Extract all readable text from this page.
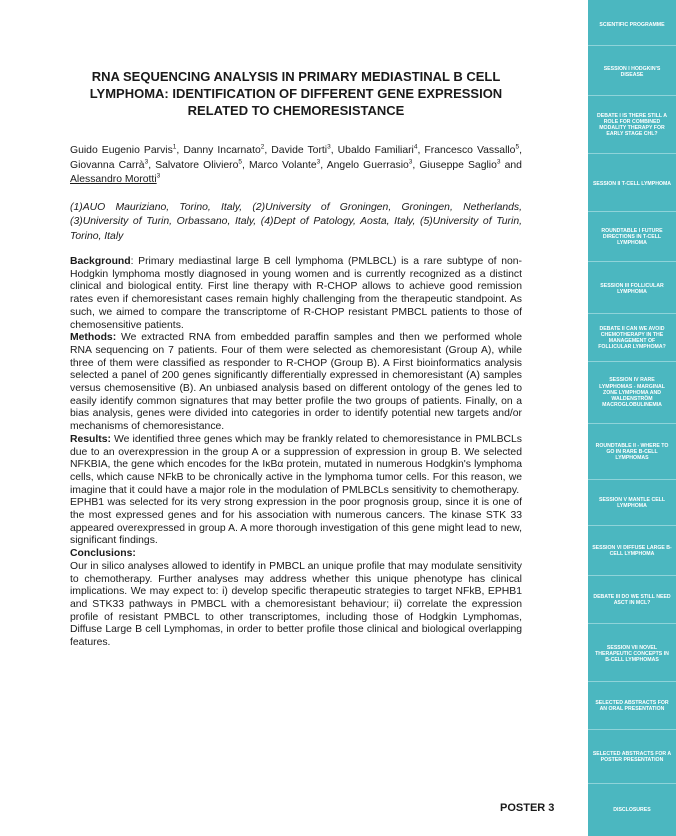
RNA SEQUENCING ANALYSIS IN PRIMARY MEDIASTINAL B CELL LYMPHOMA: IDENTIFICATION OF DIFFERENT GENE EXPRESSION RELATED TO CHEMORESISTANCE

Guido Eugenio Parvis$^1$, Danny Incarnato$^2$, Davide Torti$^3$, Ubaldo Familiari$^4$, Francesco Vassallo$^5$, Giovanna Carrà$^3$, Salvatore Oliviero$^5$, Marco Volante$^3$, Angelo Guerrasio$^3$, Giuseppe Saglio$^3$ and Alessandro Morotti$^3$

(1)AUO Mauriziano, Torino, Italy, (2)University of Groningen, Groningen, Netherlands, (3)University of Turin, Orbassano, Italy, (4)Dept of Patology, Aosta, Italy, (5)University of Turin, Torino, Italy

Background: Primary mediastinal large B cell lymphoma (PMLBCL) is a rare subtype of non-Hodgkin lymphoma mostly diagnosed in young women and is currently recognized as a distinct clinical and biological entity. First line therapy with R-CHOP allows to achieve good remission rates even if chemoresistant cases remain highly challenging from the therapeutic standpoint. As such, we aimed to compare the transcriptome of R-CHOP resistant PMBCL patients to those of chemosensitive patients.

Methods: We extracted RNA from embedded paraffin samples and then we performed whole RNA sequencing on 7 patients. Four of them were selected as chemoresistant (Group A), while three of them were classified as responder to R-CHOP (Group B). A First bioinformatics analysis selected a panel of 200 genes significantly differentially expressed in chemoresistant (A) samples versus chemosensitive (B). An unbiased analysis based on different ontology of the genes led to easily identify common signatures that may better profile the two groups of patients. Finally, on a bias analysis, genes were divided into categories in order to identify potential new targets and/or mechanisms of chemoresistance.

Results: We identified three genes which may be frankly related to chemoresistance in PMLBCLs due to an overexpression in the group A or a suppression of expression in group B. We selected NFKBIA, the gene which encodes for the IκBα protein, mutated in numerous Hodgkin's lymphoma cells, which cause NFkB to be chronically active in the lymphoma tumor cells. For this reason, we imagine that it could have a major role in the modulation of PMLBCLs sensitivity to chemotherapy.

EPHB1 was selected for its very strong expression in the poor prognosis group, since it is one of the most expressed genes and for his association with numerous cancers. The kinase STK 33 appeared overexpressed in group A. A more thorough investigation of this gene might lead to new, significant findings.

Conclusions:

Our in silico analyses allowed to identify in PMBCL an unique profile that may modulate sensitivity to chemotherapy. Further analyses may address whether this unique phenotype has clinical implications. We may expect to: i) develop specific therapeutic strategies to target NFkB, EPHB1 and STK33 pathways in PMBCL with a chemoresistant behaviour; ii) correlate the expression profile of resistant PMBCL to other transcriptomes, including those of Hodgkin Lymphomas, Diffuse Large B cell Lymphomas, in order to better profile those clinical and biological overlapping features.

POSTER 3
SCIENTIFIC PROGRAMME
SESSION I HODGKIN'S DISEASE
DEBATE I IS THERE STILL A ROLE FOR COMBINED MODALITY THERAPY FOR EARLY STAGE CHL?
SESSION II T-CELL LYMPHOMA
ROUNDTABLE I FUTURE DIRECTIONS IN T-CELL LYMPHOMA
SESSION III FOLLICULAR LYMPHOMA
DEBATE II CAN WE AVOID CHEMOTHERAPY IN THE MANAGEMENT OF FOLLICULAR LYMPHOMA?
SESSION IV RARE LYMPHOMAS - MARGINAL ZONE LYMPHOMA AND WALDENSTRÖM MACROGLOBULINEMIA
ROUNDTABLE II - WHERE TO GO IN RARE B-CELL LYMPHOMAS
SESSION V MANTLE CELL LYMPHOMA
SESSION VI DIFFUSE LARGE B-CELL LYMPHOMA
DEBATE III DO WE STILL NEED ASCT IN MCL?
SESSION VII NOVEL THERAPEUTIC CONCEPTS IN B-CELL LYMPHOMAS
SELECTED ABSTRACTS FOR AN ORAL PRESENTATION
SELECTED ABSTRACTS FOR A POSTER PRESENTATION
DISCLOSURES
